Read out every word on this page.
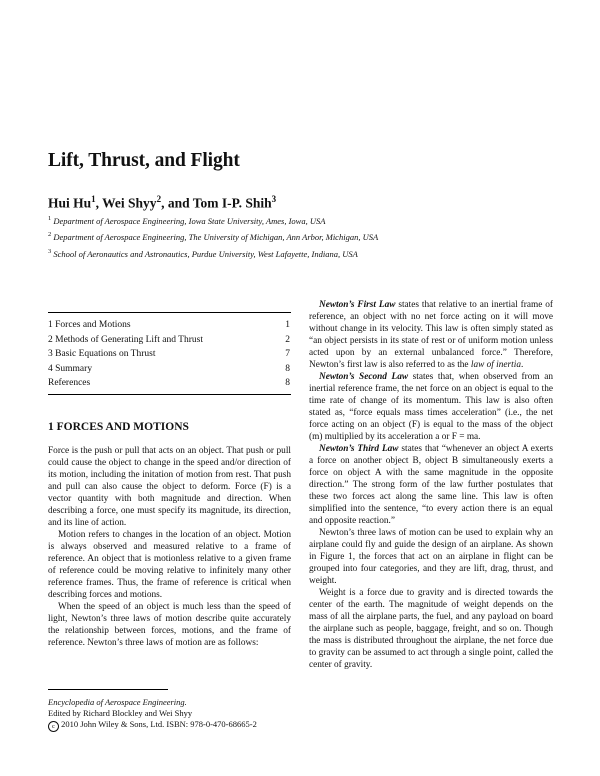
Lift, Thrust, and Flight

Hui Hu$^1$, Wei Shyy$^2$, and Tom I-P. Shih$^3$

$^1$ Department of Aerospace Engineering, Iowa State University, Ames, Iowa, USA
$^2$ Department of Aerospace Engineering, The University of Michigan, Ann Arbor, Michigan, USA
$^3$ School of Aeronautics and Astronautics, Purdue University, West Lafayette, Indiana, USA
1 Forces and Motions	1
2 Methods of Generating Lift and Thrust	2
3 Basic Equations on Thrust	7
4 Summary	8
References	8
1 FORCES AND MOTIONS

Force is the push or pull that acts on an object. That push or pull could cause the object to change in the speed and/or direction of its motion, including the initation of motion from rest. That push and pull can also cause the object to deform. Force (F) is a vector quantity with both magnitude and direction. When describing a force, one must specify its magnitude, its direction, and its line of action.

Motion refers to changes in the location of an object. Motion is always observed and measured relative to a frame of reference. An object that is motionless relative to a given frame of reference could be moving relative to infinitely many other reference frames. Thus, the frame of reference is critical when describing forces and motions.

When the speed of an object is much less than the speed of light, Newton’s three laws of motion describe quite accurately the relationship between forces, motions, and the frame of reference. Newton’s three laws of motion are as follows:

Newton’s First Law states that relative to an inertial frame of reference, an object with no net force acting on it will move without change in its velocity. This law is often simply stated as “an object persists in its state of rest or of uniform motion unless acted upon by an external unbalanced force.” Therefore, Newton’s first law is also referred to as the law of inertia.

Newton’s Second Law states that, when observed from an inertial reference frame, the net force on an object is equal to the time rate of change of its momentum. This law is also often stated as, “force equals mass times acceleration” (i.e., the net force acting on an object (F) is equal to the mass of the object (m) multiplied by its acceleration a or F = ma.

Newton’s Third Law states that “whenever an object A exerts a force on another object B, object B simultaneously exerts a force on object A with the same magnitude in the opposite direction.” The strong form of the law further postulates that these two forces act along the same line. This law is often simplified into the sentence, “to every action there is an equal and opposite reaction.”

Newton’s three laws of motion can be used to explain why an airplane could fly and guide the design of an airplane. As shown in Figure 1, the forces that act on an airplane in flight can be grouped into four categories, and they are lift, drag, thrust, and weight.

Weight is a force due to gravity and is directed towards the center of the earth. The magnitude of weight depends on the mass of all the airplane parts, the fuel, and any payload on board the airplane such as people, baggage, freight, and so on. Though the mass is distributed throughout the airplane, the net force due to gravity can be assumed to act through a single point, called the center of gravity.

Encyclopedia of Aerospace Engineering.
Edited by Richard Blockley and Wei Shyy
c 2010 John Wiley & Sons, Ltd. ISBN: 978-0-470-68665-2
